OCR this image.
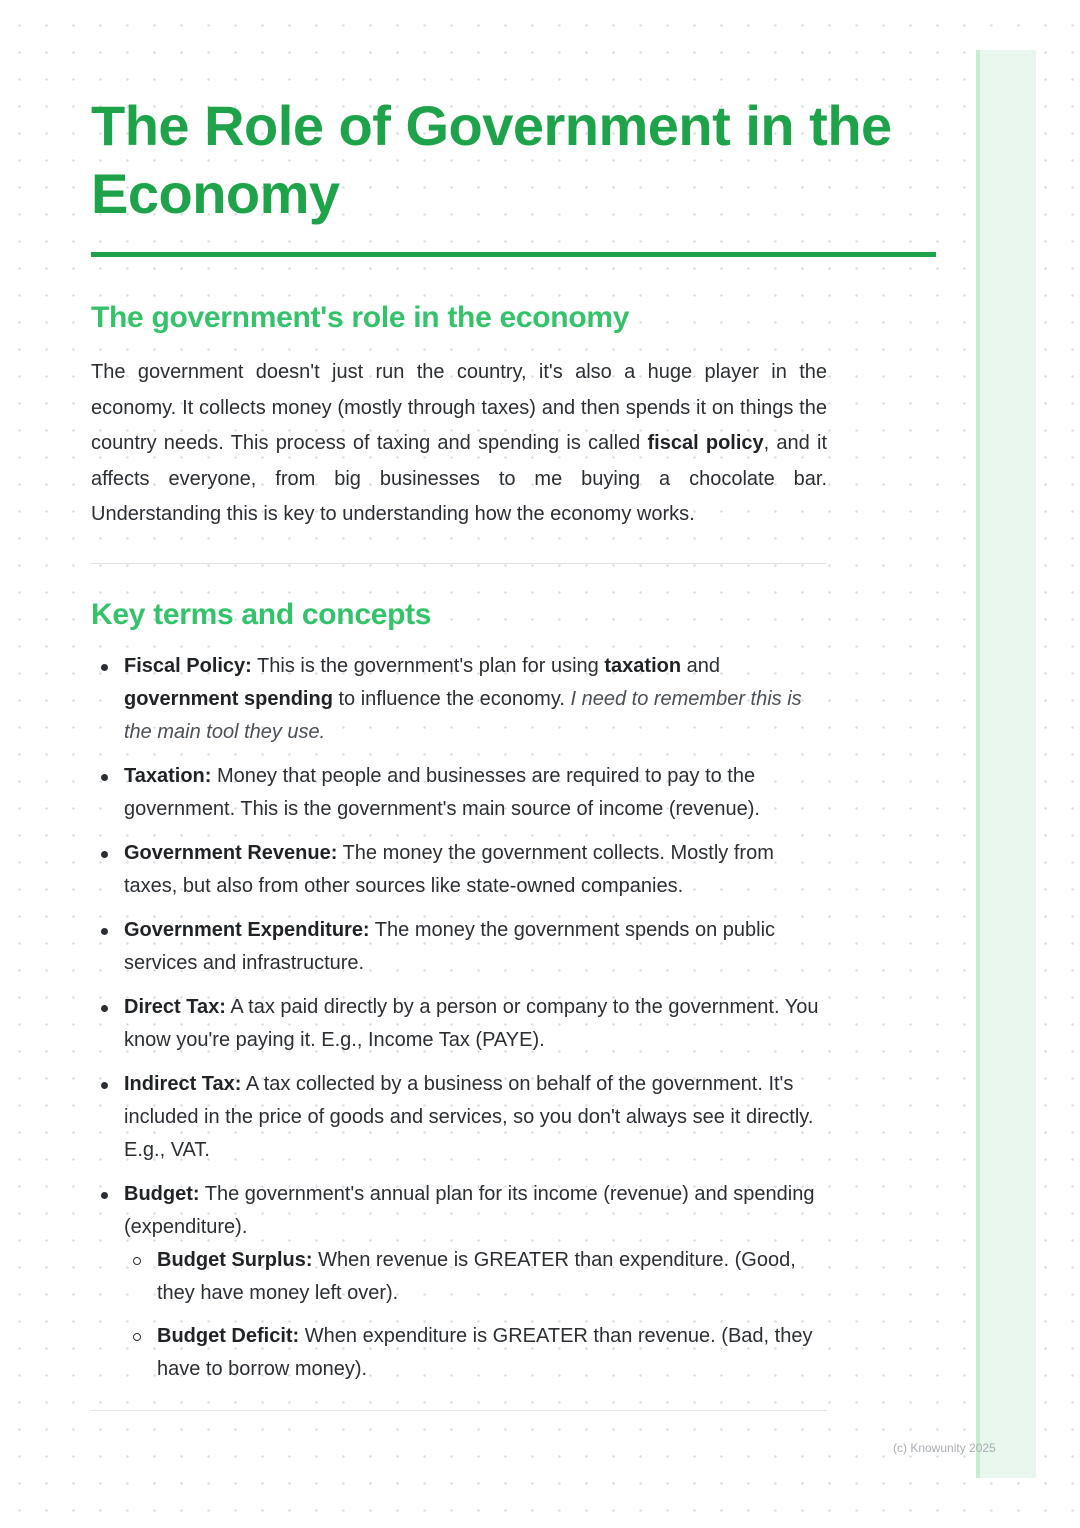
The Role of Government in the Economy
The government's role in the economy

The government doesn't just run the country, it's also a huge player in the economy. It collects money (mostly through taxes) and then spends it on things the country needs. This process of taxing and spending is called fiscal policy, and it affects everyone, from big businesses to me buying a chocolate bar. Understanding this is key to understanding how the economy works.

Key terms and concepts
Fiscal Policy: This is the government's plan for using taxation and government spending to influence the economy. I need to remember this is the main tool they use.
Taxation: Money that people and businesses are required to pay to the government. This is the government's main source of income (revenue).
Government Revenue: The money the government collects. Mostly from taxes, but also from other sources like state-owned companies.
Government Expenditure: The money the government spends on public services and infrastructure.
Direct Tax: A tax paid directly by a person or company to the government. You know you're paying it. E.g., Income Tax (PAYE).
Indirect Tax: A tax collected by a business on behalf of the government. It's included in the price of goods and services, so you don't always see it directly. E.g., VAT.
Budget: The government's annual plan for its income (revenue) and spending (expenditure).
Budget Surplus: When revenue is GREATER than expenditure. (Good, they have money left over).
Budget Deficit: When expenditure is GREATER than revenue. (Bad, they have to borrow money).
(c) Knowunity 2025
